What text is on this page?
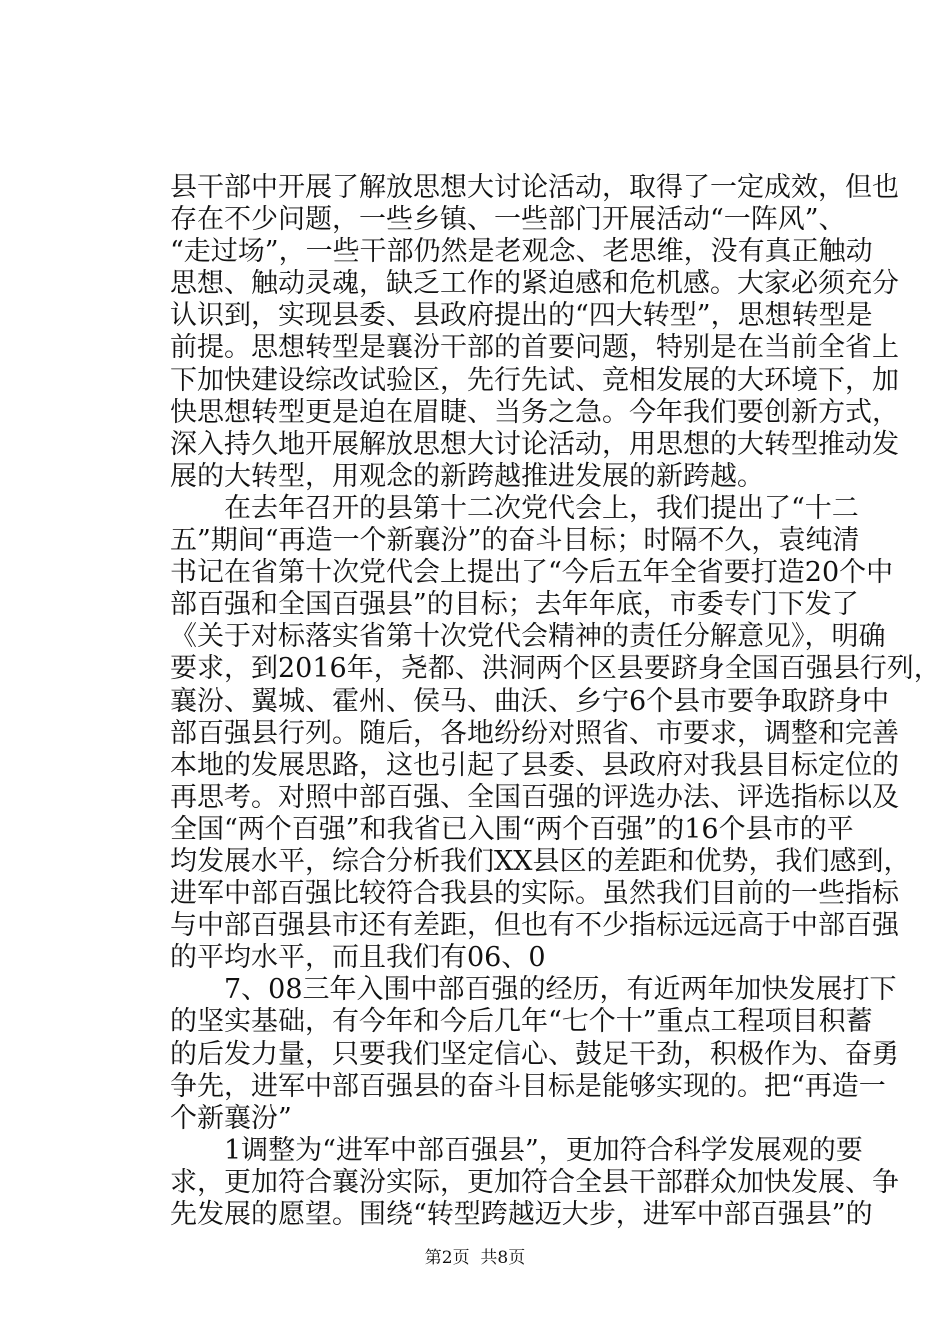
县干部中开展了解放思想大讨论活动，取得了一定成效，但也
存在不少问题，一些乡镇、一些部门开展活动“一阵风”、
“走过场”，一些干部仍然是老观念、老思维，没有真正触动
思想、触动灵魂，缺乏工作的紧迫感和危机感。大家必须充分
认识到，实现县委、县政府提出的“四大转型”，思想转型是
前提。思想转型是襄汾干部的首要问题，特别是在当前全省上
下加快建设综改试验区，先行先试、竞相发展的大环境下，加
快思想转型更是迫在眉睫、当务之急。今年我们要创新方式，
深入持久地开展解放思想大讨论活动，用思想的大转型推动发
展的大转型，用观念的新跨越推进发展的新跨越。
　　在去年召开的县第十二次党代会上，我们提出了“十二
五”期间“再造一个新襄汾”的奋斗目标；时隔不久，袁纯清
书记在省第十次党代会上提出了“今后五年全省要打造20个中
部百强和全国百强县”的目标；去年年底，市委专门下发了
《关于对标落实省第十次党代会精神的责任分解意见》，明确
要求，到2016年，尧都、洪洞两个区县要跻身全国百强县行列，
襄汾、翼城、霍州、侯马、曲沃、乡宁6个县市要争取跻身中
部百强县行列。随后，各地纷纷对照省、市要求，调整和完善
本地的发展思路，这也引起了县委、县政府对我县目标定位的
再思考。对照中部百强、全国百强的评选办法、评选指标以及
全国“两个百强”和我省已入围“两个百强”的16个县市的平
均发展水平，综合分析我们XX县区的差距和优势，我们感到，
进军中部百强比较符合我县的实际。虽然我们目前的一些指标
与中部百强县市还有差距，但也有不少指标远远高于中部百强
的平均水平，而且我们有06、0
　　7、08三年入围中部百强的经历，有近两年加快发展打下
的坚实基础，有今年和今后几年“七个十”重点工程项目积蓄
的后发力量，只要我们坚定信心、鼓足干劲，积极作为、奋勇
争先，进军中部百强县的奋斗目标是能够实现的。把“再造一
个新襄汾”
　　1调整为“进军中部百强县”，更加符合科学发展观的要
求，更加符合襄汾实际，更加符合全县干部群众加快发展、争
先发展的愿望。围绕“转型跨越迈大步，进军中部百强县”的
第2页  共8页
